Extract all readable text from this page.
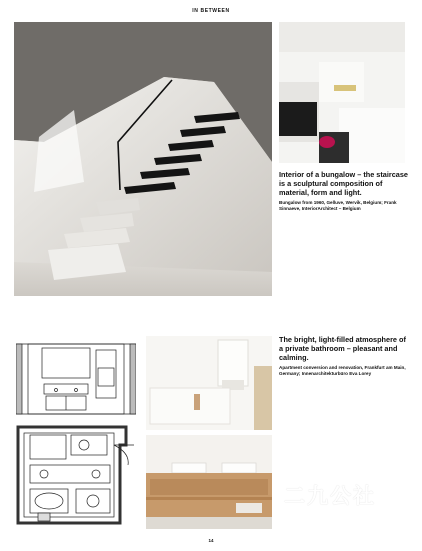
IN BETWEEN
Interior of a bungalow – the staircase is a sculptural composition of material, form and light.
Bungalow from 1960, Gelluve, Wervik, Belgium; Frank Sinnaeve, InteriorArchitect – Belgium
The bright, light-filled atmosphere of a private bathroom – pleasant and calming.
Apartment conversion and renovation, Frankfurt am Main, Germany; Innenarchitekturbüro Eva Lorey
二九公社
14
